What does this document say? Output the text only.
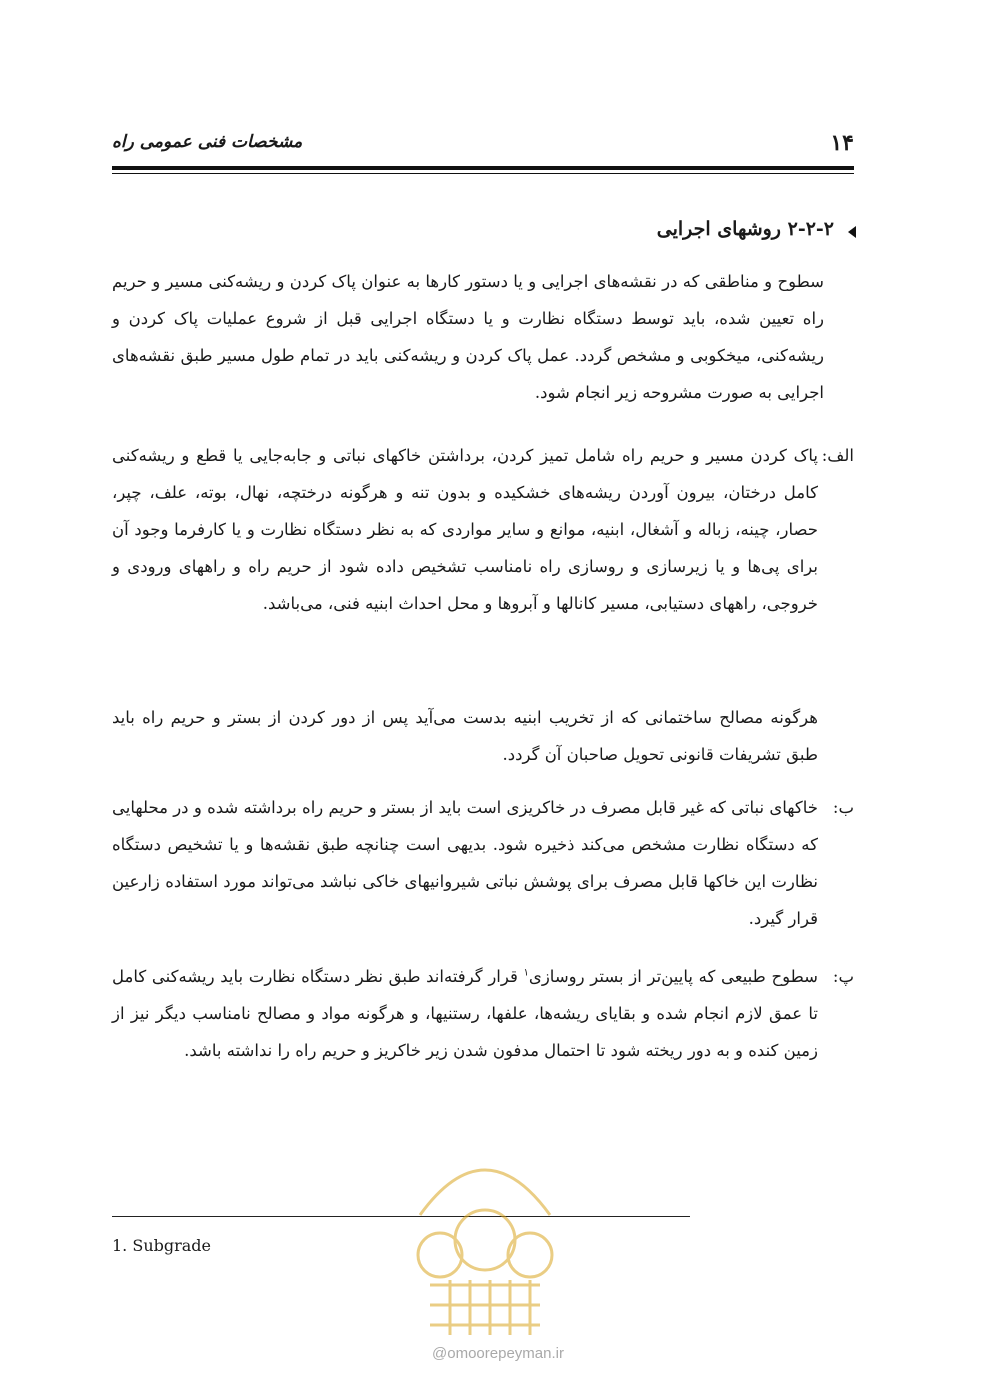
۱۴
مشخصات فنی عمومی راه
۲-۲-۲ روشهای اجرایی
سطوح و مناطقی که در نقشه‌های اجرایی و یا دستور کارها به عنوان پاک کردن و ریشه‌کنی مسیر و حریم راه تعیین شده، باید توسط دستگاه نظارت و یا دستگاه اجرایی قبل از شروع عملیات پاک کردن و ریشه‌کنی، میخکوبی و مشخص گردد. عمل پاک کردن و ریشه‌کنی باید در تمام طول مسیر طبق نقشه‌های اجرایی به صورت مشروحه زیر انجام شود.
الف:
پاک کردن مسیر و حریم راه شامل تمیز کردن، برداشتن خاکهای نباتی و جابه‌جایی یا قطع و ریشه‌کنی کامل درختان، بیرون آوردن ریشه‌های خشکیده و بدون تنه و هرگونه درختچه، نهال، بوته، علف، چپر، حصار، چینه، زباله و آشغال، ابنیه، موانع و سایر مواردی که به نظر دستگاه نظارت و یا کارفرما وجود آن برای پی‌ها و یا زیرسازی و روسازی راه نامناسب تشخیص داده شود از حریم راه و راههای ورودی و خروجی، راههای دستیابی، مسیر کانالها و آبروها و محل احداث ابنیه فنی، می‌باشد.
هرگونه مصالح ساختمانی که از تخریب ابنیه بدست می‌آید پس از دور کردن از بستر و حریم راه باید طبق تشریفات قانونی تحویل صاحبان آن گردد.
ب:
خاکهای نباتی که غیر قابل مصرف در خاکریزی است باید از بستر و حریم راه برداشته شده و در محلهایی که دستگاه نظارت مشخص می‌کند ذخیره شود. بدیهی است چنانچه طبق نقشه‌ها و یا تشخیص دستگاه نظارت این خاکها قابل مصرف برای پوشش نباتی شیروانیهای خاکی نباشد می‌تواند مورد استفاده زارعین قرار گیرد.
پ:
سطوح طبیعی که پایین‌تر از بستر روسازی$^۱$ قرار گرفته‌اند طبق نظر دستگاه نظارت باید ریشه‌کنی کامل تا عمق لازم انجام شده و بقایای ریشه‌ها، علفها، رستنیها، و هرگونه مواد و مصالح نامناسب دیگر نیز از زمین کنده و به دور ریخته شود تا احتمال مدفون شدن زیر خاکریز و حریم راه را نداشته باشد.
1. Subgrade
@omoorepeyman.ir
